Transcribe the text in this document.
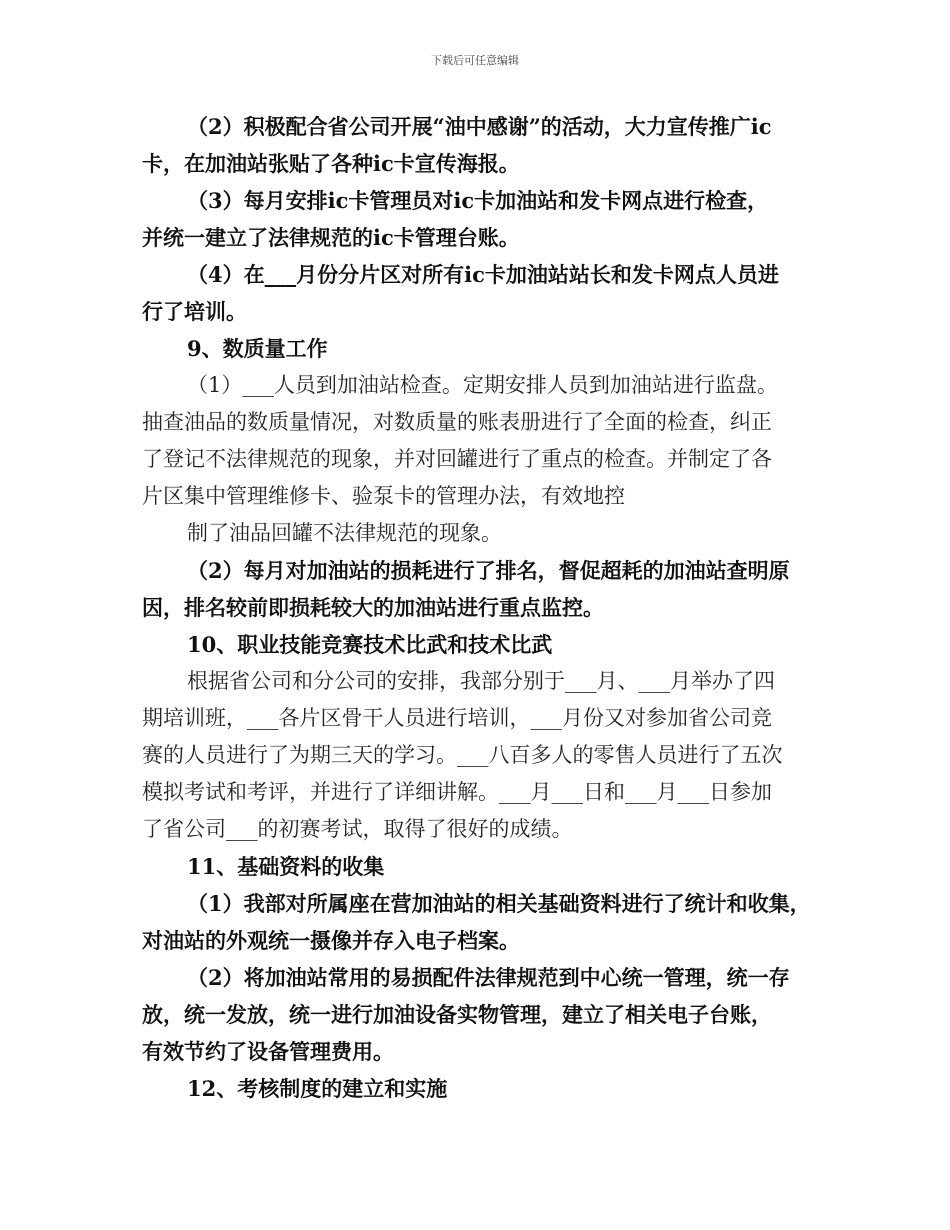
下载后可任意编辑
（2）积极配合省公司开展“油中感谢”的活动，大力宣传推广ic
卡，在加油站张贴了各种ic卡宣传海报。
（3）每月安排ic卡管理员对ic卡加油站和发卡网点进行检查，
并统一建立了法律规范的ic卡管理台账。
（4）在___月份分片区对所有ic卡加油站站长和发卡网点人员进
行了培训。
9、数质量工作
（1）___人员到加油站检查。定期安排人员到加油站进行监盘。
抽查油品的数质量情况，对数质量的账表册进行了全面的检查，纠正
了登记不法律规范的现象，并对回罐进行了重点的检查。并制定了各
片区集中管理维修卡、验泵卡的管理办法，有效地控
制了油品回罐不法律规范的现象。
（2）每月对加油站的损耗进行了排名，督促超耗的加油站查明原
因，排名较前即损耗较大的加油站进行重点监控。
10、职业技能竞赛技术比武和技术比武
根据省公司和分公司的安排，我部分别于___月、___月举办了四
期培训班，___各片区骨干人员进行培训，___月份又对参加省公司竞
赛的人员进行了为期三天的学习。___八百多人的零售人员进行了五次
模拟考试和考评，并进行了详细讲解。___月___日和___月___日参加
了省公司___的初赛考试，取得了很好的成绩。
11、基础资料的收集
（1）我部对所属座在营加油站的相关基础资料进行了统计和收集，
对油站的外观统一摄像并存入电子档案。
（2）将加油站常用的易损配件法律规范到中心统一管理，统一存
放，统一发放，统一进行加油设备实物管理，建立了相关电子台账，
有效节约了设备管理费用。
12、考核制度的建立和实施
